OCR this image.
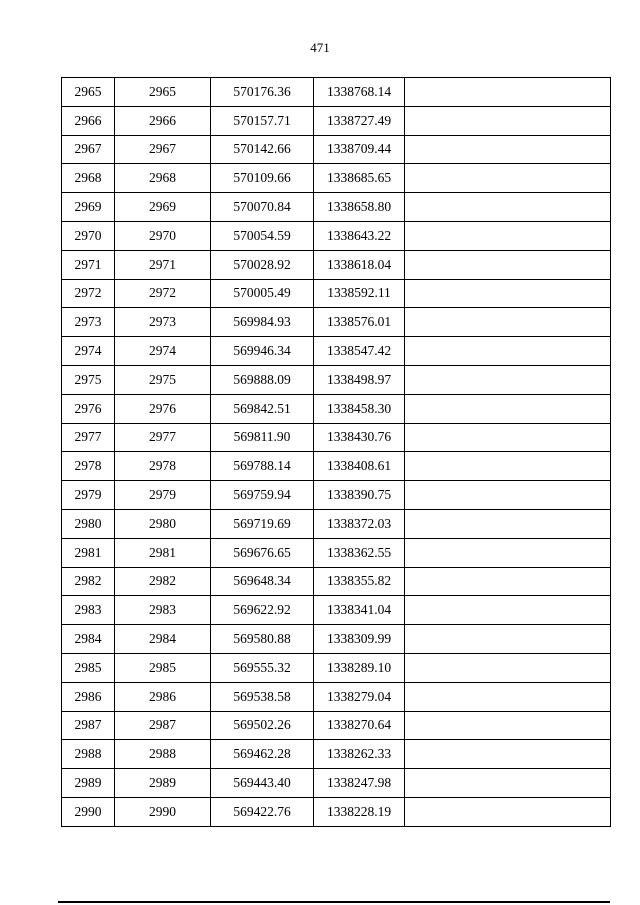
471
2965	2965	570176.36	1338768.14	
2966	2966	570157.71	1338727.49	
2967	2967	570142.66	1338709.44	
2968	2968	570109.66	1338685.65	
2969	2969	570070.84	1338658.80	
2970	2970	570054.59	1338643.22	
2971	2971	570028.92	1338618.04	
2972	2972	570005.49	1338592.11	
2973	2973	569984.93	1338576.01	
2974	2974	569946.34	1338547.42	
2975	2975	569888.09	1338498.97	
2976	2976	569842.51	1338458.30	
2977	2977	569811.90	1338430.76	
2978	2978	569788.14	1338408.61	
2979	2979	569759.94	1338390.75	
2980	2980	569719.69	1338372.03	
2981	2981	569676.65	1338362.55	
2982	2982	569648.34	1338355.82	
2983	2983	569622.92	1338341.04	
2984	2984	569580.88	1338309.99	
2985	2985	569555.32	1338289.10	
2986	2986	569538.58	1338279.04	
2987	2987	569502.26	1338270.64	
2988	2988	569462.28	1338262.33	
2989	2989	569443.40	1338247.98	
2990	2990	569422.76	1338228.19	
